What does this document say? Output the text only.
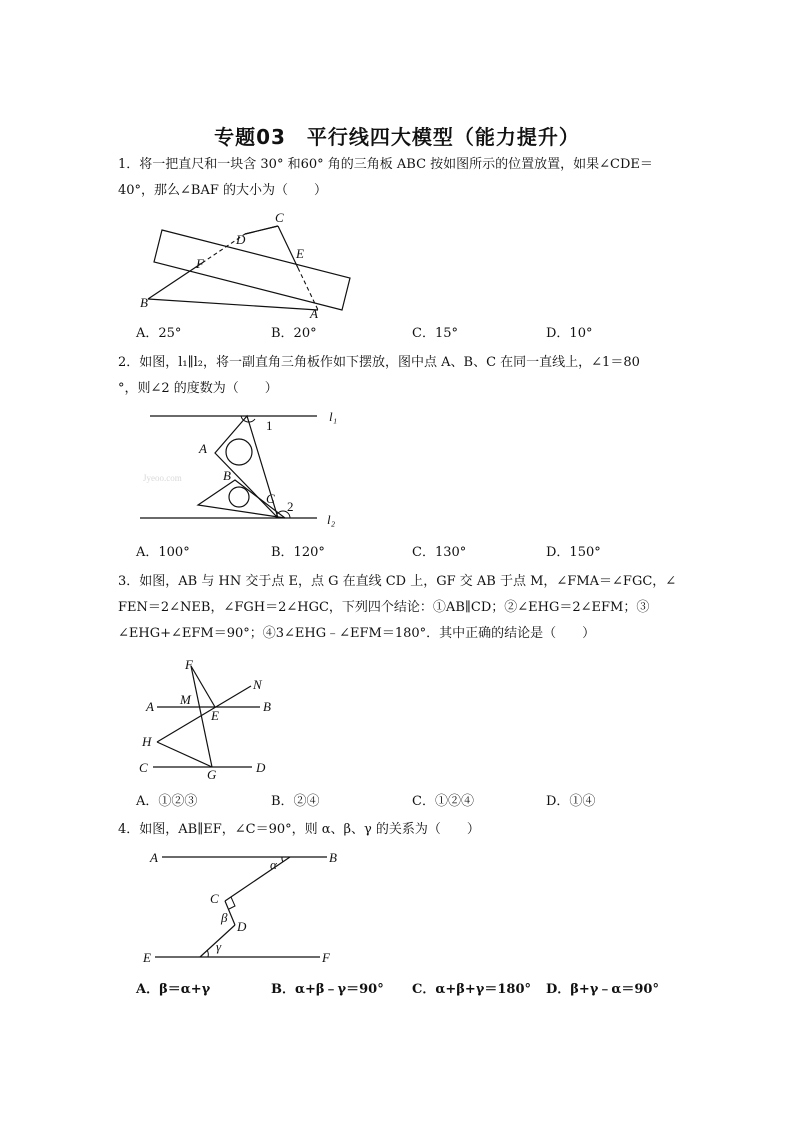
专题03　平行线四大模型（能力提升）
1．将一把直尺和一块含 30° 和60° 角的三角板 ABC 按如图所示的位置放置，如果∠CDE＝
40°，那么∠BAF 的大小为（　　）
C
D
E
F
B
A
A．25°	B．20°	C．15°	D．10°
2．如图，l₁∥l₂，将一副直角三角板作如下摆放，图中点 A、B、C 在同一直线上，∠1＝80
°，则∠2 的度数为（　　）
l₁
l₂
1
2
A
B
C
Jyeoo.com
A．100°	B．120°	C．130°	D．150°
3．如图，AB 与 HN 交于点 E，点 G 在直线 CD 上，GF 交 AB 于点 M，∠FMA＝∠FGC，∠
FEN＝2∠NEB，∠FGH＝2∠HGC，下列四个结论：①AB∥CD；②∠EHG＝2∠EFM；③
∠EHG+∠EFM＝90°；④3∠EHG﹣∠EFM＝180°．其中正确的结论是（　　）
F
N
A M
E
B
H
C	G	D
A．①②③	B．②④	C．①②④	D．①④
4．如图，AB∥EF，∠C＝90°，则 α、β、γ 的关系为（　　）
A	B
α
C
β
D
γ
E	F
A．β＝α+γ	B．α+β﹣γ＝90° C．α+β+γ＝180° D．β+γ﹣α＝90°
